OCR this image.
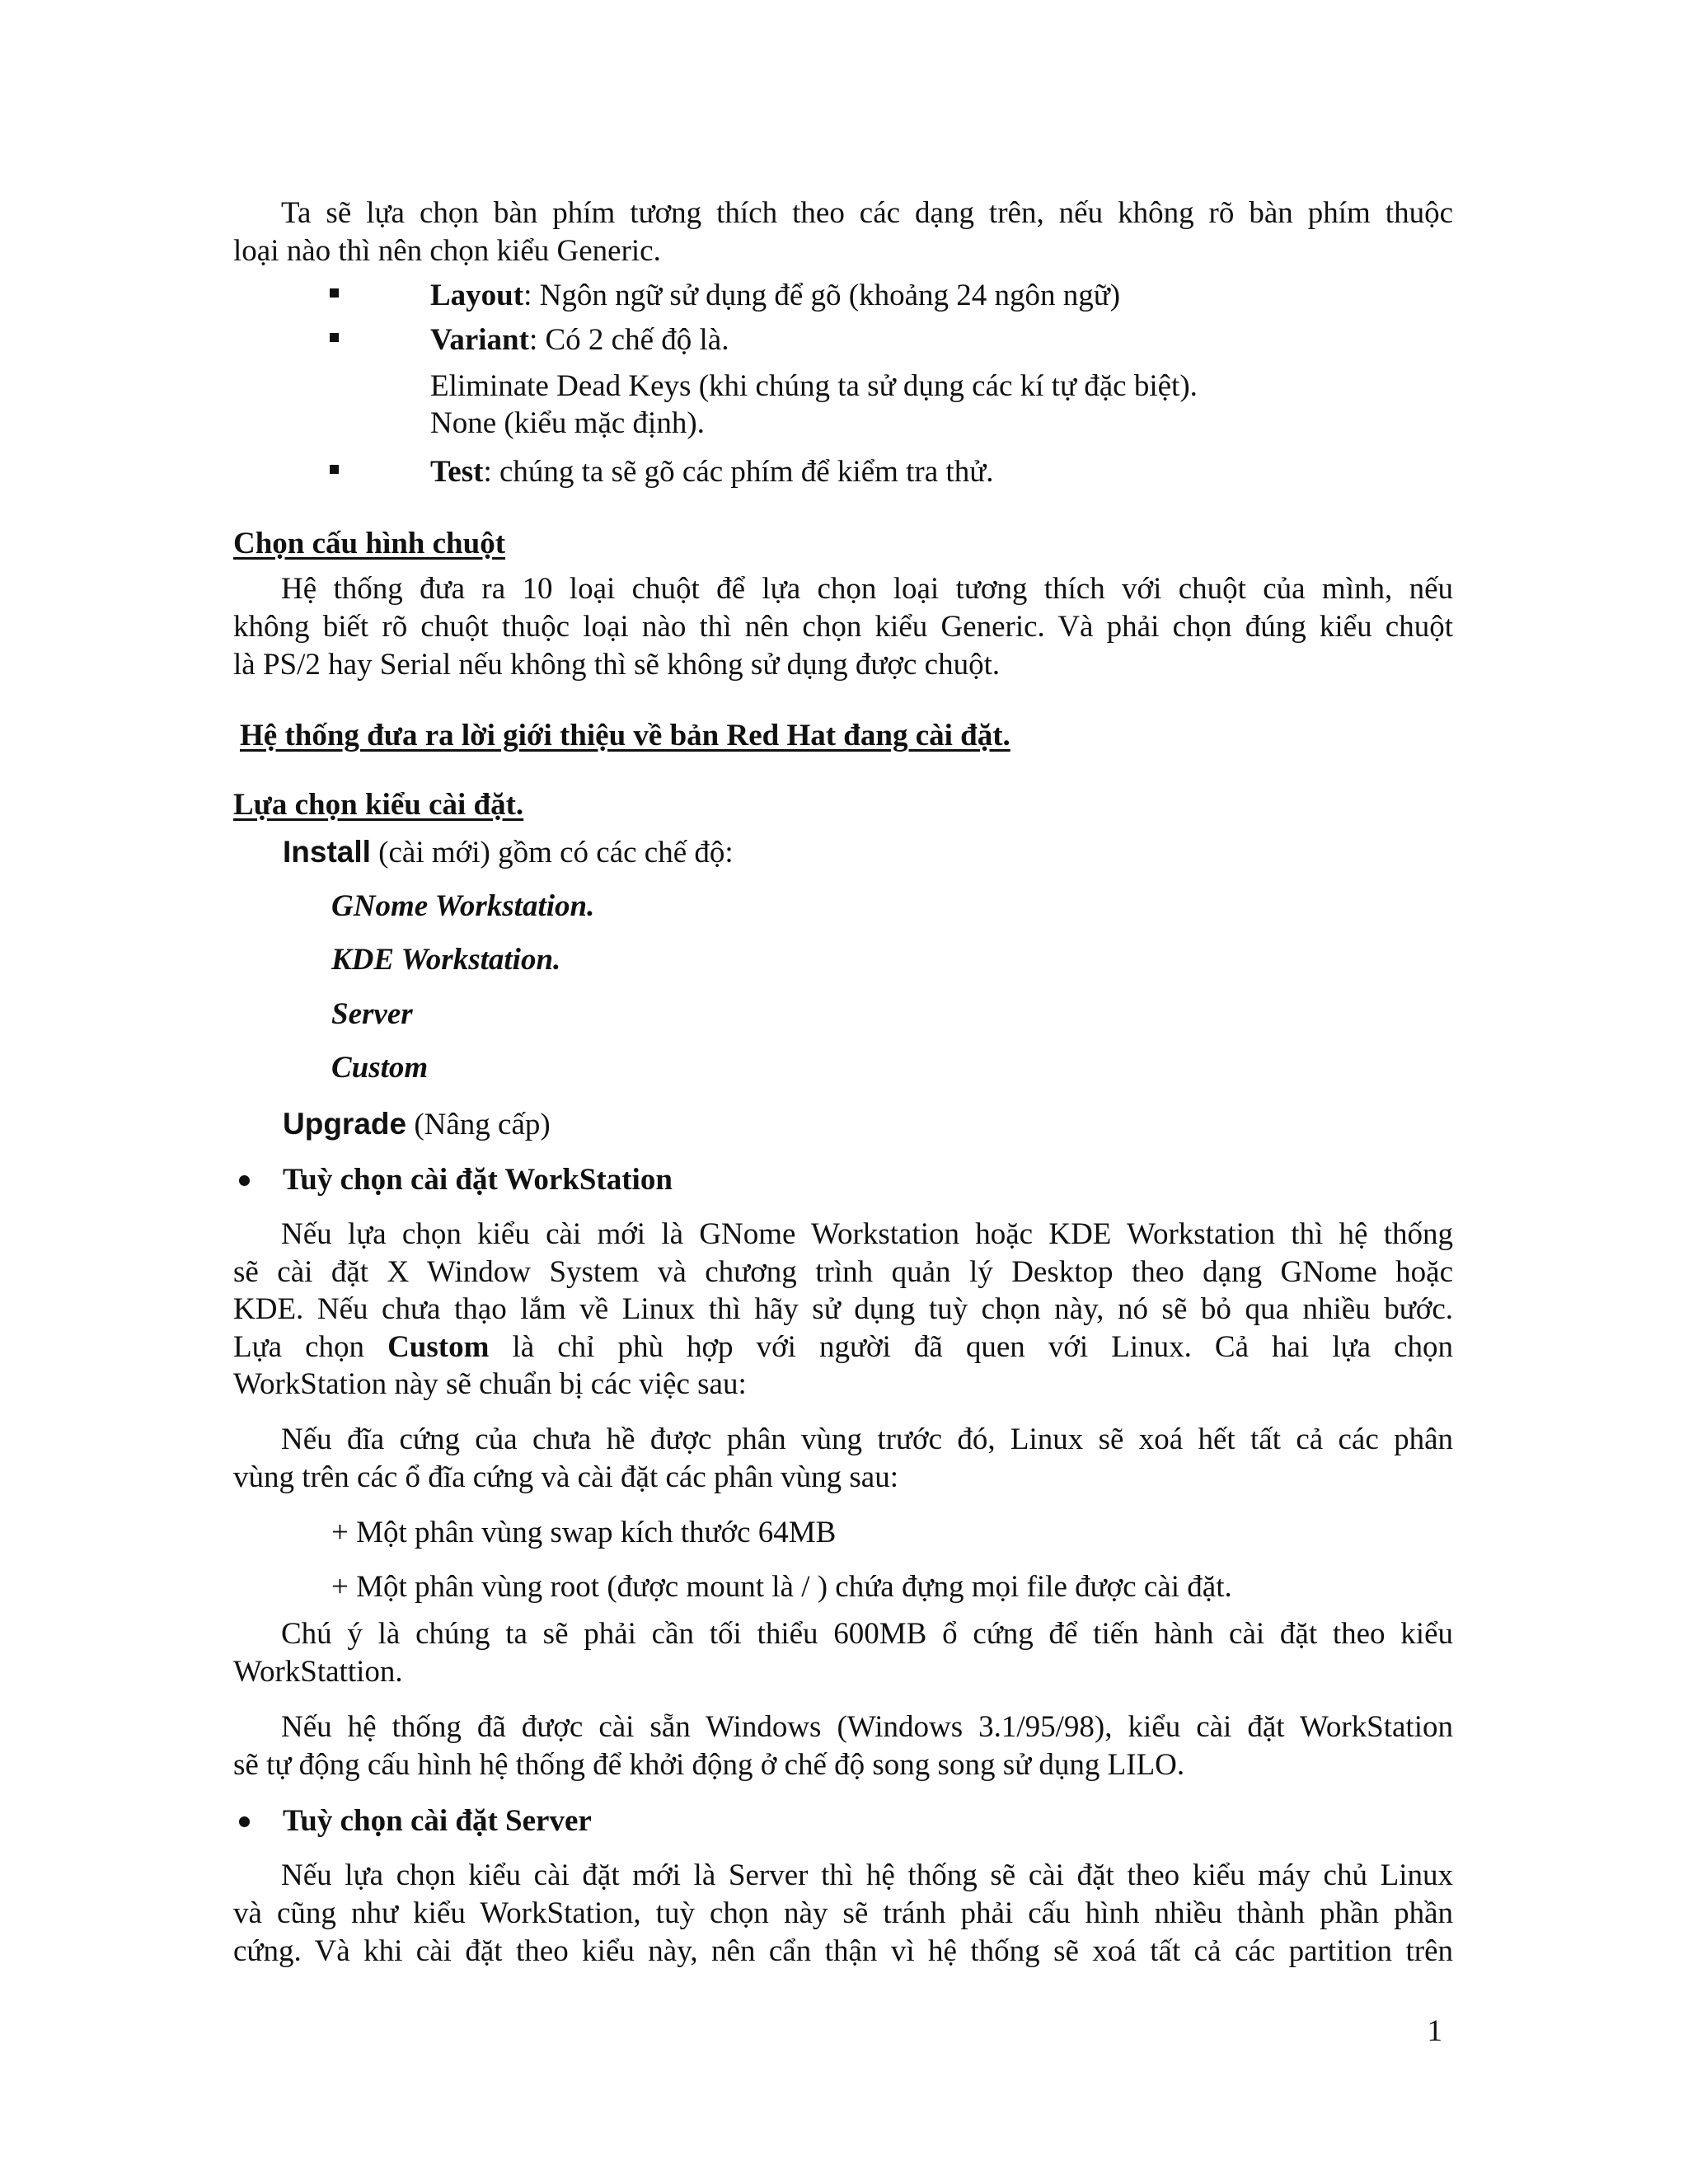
Ta sẽ lựa chọn bàn phím tương thích theo các dạng trên, nếu không rõ bàn phím thuộc
loại nào thì nên chọn kiểu Generic.
Layout: Ngôn ngữ sử dụng để gõ (khoảng 24 ngôn ngữ)
Variant: Có 2 chế độ là.
Eliminate Dead Keys (khi chúng ta sử dụng các kí tự đặc biệt).
None (kiểu mặc định).
Test: chúng ta sẽ gõ các phím để kiểm tra thử.
Chọn cấu hình chuột
Hệ thống đưa ra 10 loại chuột để lựa chọn loại tương thích với chuột của mình, nếu
không biết rõ chuột thuộc loại nào thì nên chọn kiểu Generic. Và phải chọn đúng kiểu chuột
là PS/2 hay Serial nếu không thì sẽ không sử dụng được chuột.
Hệ thống đưa ra lời giới thiệu về bản Red Hat đang cài đặt.
Lựa chọn kiểu cài đặt.
Install (cài mới) gồm có các chế độ:
GNome Workstation.
KDE Workstation.
Server
Custom
Upgrade (Nâng cấp)
Tuỳ chọn cài đặt WorkStation
Nếu lựa chọn kiểu cài mới là GNome Workstation hoặc KDE Workstation thì hệ thống
sẽ cài đặt X Window System và chương trình quản lý Desktop theo dạng GNome hoặc
KDE. Nếu chưa thạo lắm về Linux thì hãy sử dụng tuỳ chọn này, nó sẽ bỏ qua nhiều bước.
Lựa chọn Custom là chỉ phù hợp với người đã quen với Linux. Cả hai lựa chọn
WorkStation này sẽ chuẩn bị các việc sau:
Nếu đĩa cứng của chưa hề được phân vùng trước đó, Linux sẽ xoá hết tất cả các phân
vùng trên các ổ đĩa cứng và cài đặt các phân vùng sau:
+ Một phân vùng swap kích thước 64MB
+ Một phân vùng root (được mount là / ) chứa đựng mọi file được cài đặt.
Chú ý là chúng ta sẽ phải cần tối thiểu 600MB ổ cứng để tiến hành cài đặt theo kiểu
WorkStattion.
Nếu hệ thống đã được cài sẵn Windows (Windows 3.1/95/98), kiểu cài đặt WorkStation
sẽ tự động cấu hình hệ thống để khởi động ở chế độ song song sử dụng LILO.
Tuỳ chọn cài đặt Server
Nếu lựa chọn kiểu cài đặt mới là Server thì hệ thống sẽ cài đặt theo kiểu máy chủ Linux
và cũng như kiểu WorkStation, tuỳ chọn này sẽ tránh phải cấu hình nhiều thành phần phần
cứng. Và khi cài đặt theo kiểu này, nên cẩn thận vì hệ thống sẽ xoá tất cả các partition trên
1
